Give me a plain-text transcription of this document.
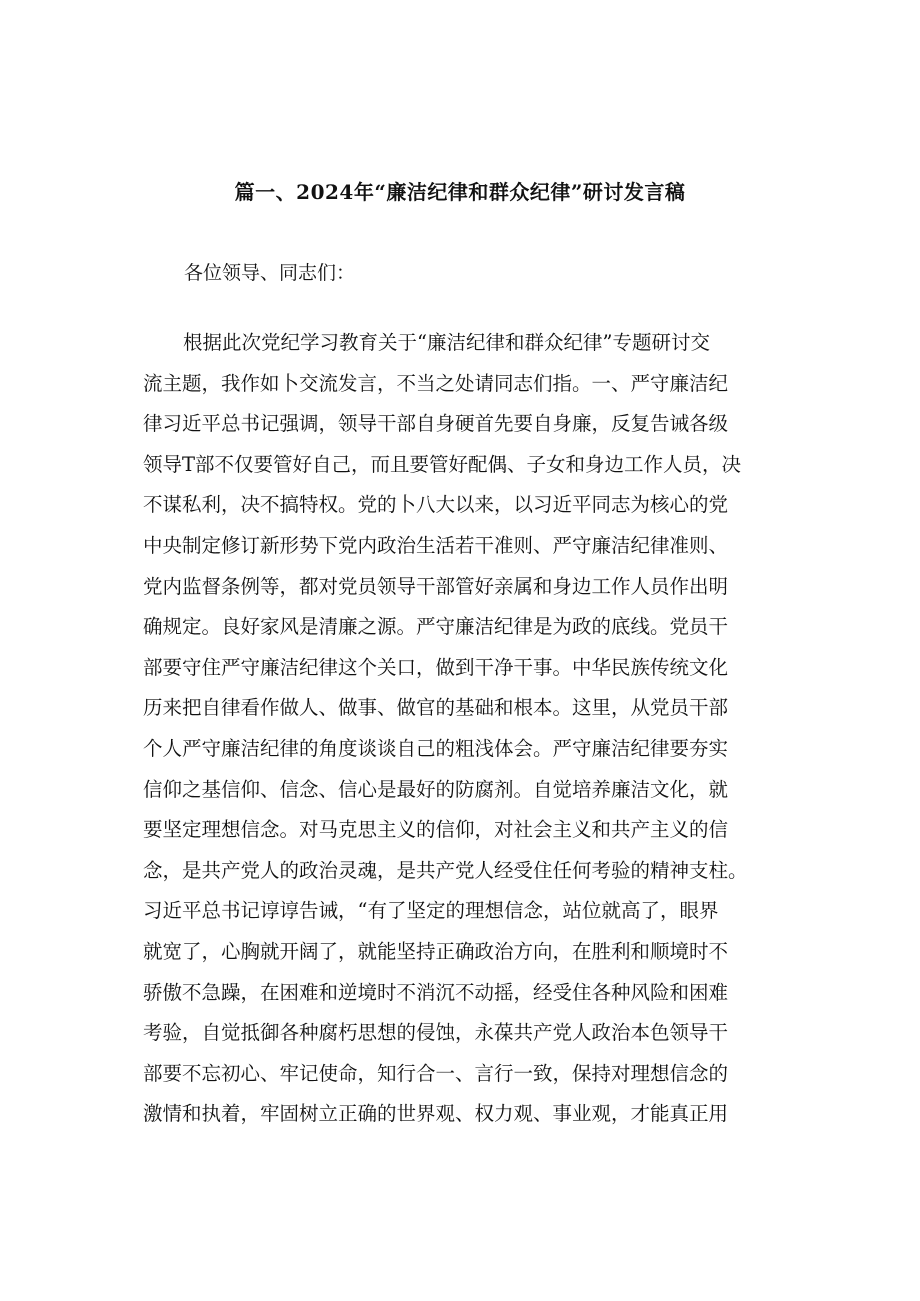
篇一、2024年“廉洁纪律和群众纪律”研讨发言稿

各位领导、同志们：

根据此次党纪学习教育关于“廉洁纪律和群众纪律”专题研讨交
流主题，我作如卜交流发言，不当之处请同志们指。一、严守廉洁纪
律习近平总书记强调，领导干部自身硬首先要自身廉，反复告诫各级
领导T部不仅要管好自己，而且要管好配偶、子女和身边工作人员，决
不谋私利，决不搞特权。党的卜八大以来，以习近平同志为核心的党
中央制定修订新形势下党内政治生活若干准则、严守廉洁纪律准则、
党内监督条例等，都对党员领导干部管好亲属和身边工作人员作出明
确规定。良好家风是清廉之源。严守廉洁纪律是为政的底线。党员干
部要守住严守廉洁纪律这个关口，做到干净干事。中华民族传统文化
历来把自律看作做人、做事、做官的基础和根本。这里，从党员干部
个人严守廉洁纪律的角度谈谈自己的粗浅体会。严守廉洁纪律要夯实
信仰之基信仰、信念、信心是最好的防腐剂。自觉培养廉洁文化，就
要坚定理想信念。对马克思主义的信仰，对社会主义和共产主义的信
念，是共产党人的政治灵魂，是共产党人经受住任何考验的精神支柱。
习近平总书记谆谆告诫，“有了坚定的理想信念，站位就高了，眼界
就宽了，心胸就开阔了，就能坚持正确政治方向，在胜利和顺境时不
骄傲不急躁，在困难和逆境时不消沉不动摇，经受住各种风险和困难
考验，自觉抵御各种腐朽思想的侵蚀，永葆共产党人政治本色领导干
部要不忘初心、牢记使命，知行合一、言行一致，保持对理想信念的
激情和执着，牢固树立正确的世界观、权力观、事业观，才能真正用
